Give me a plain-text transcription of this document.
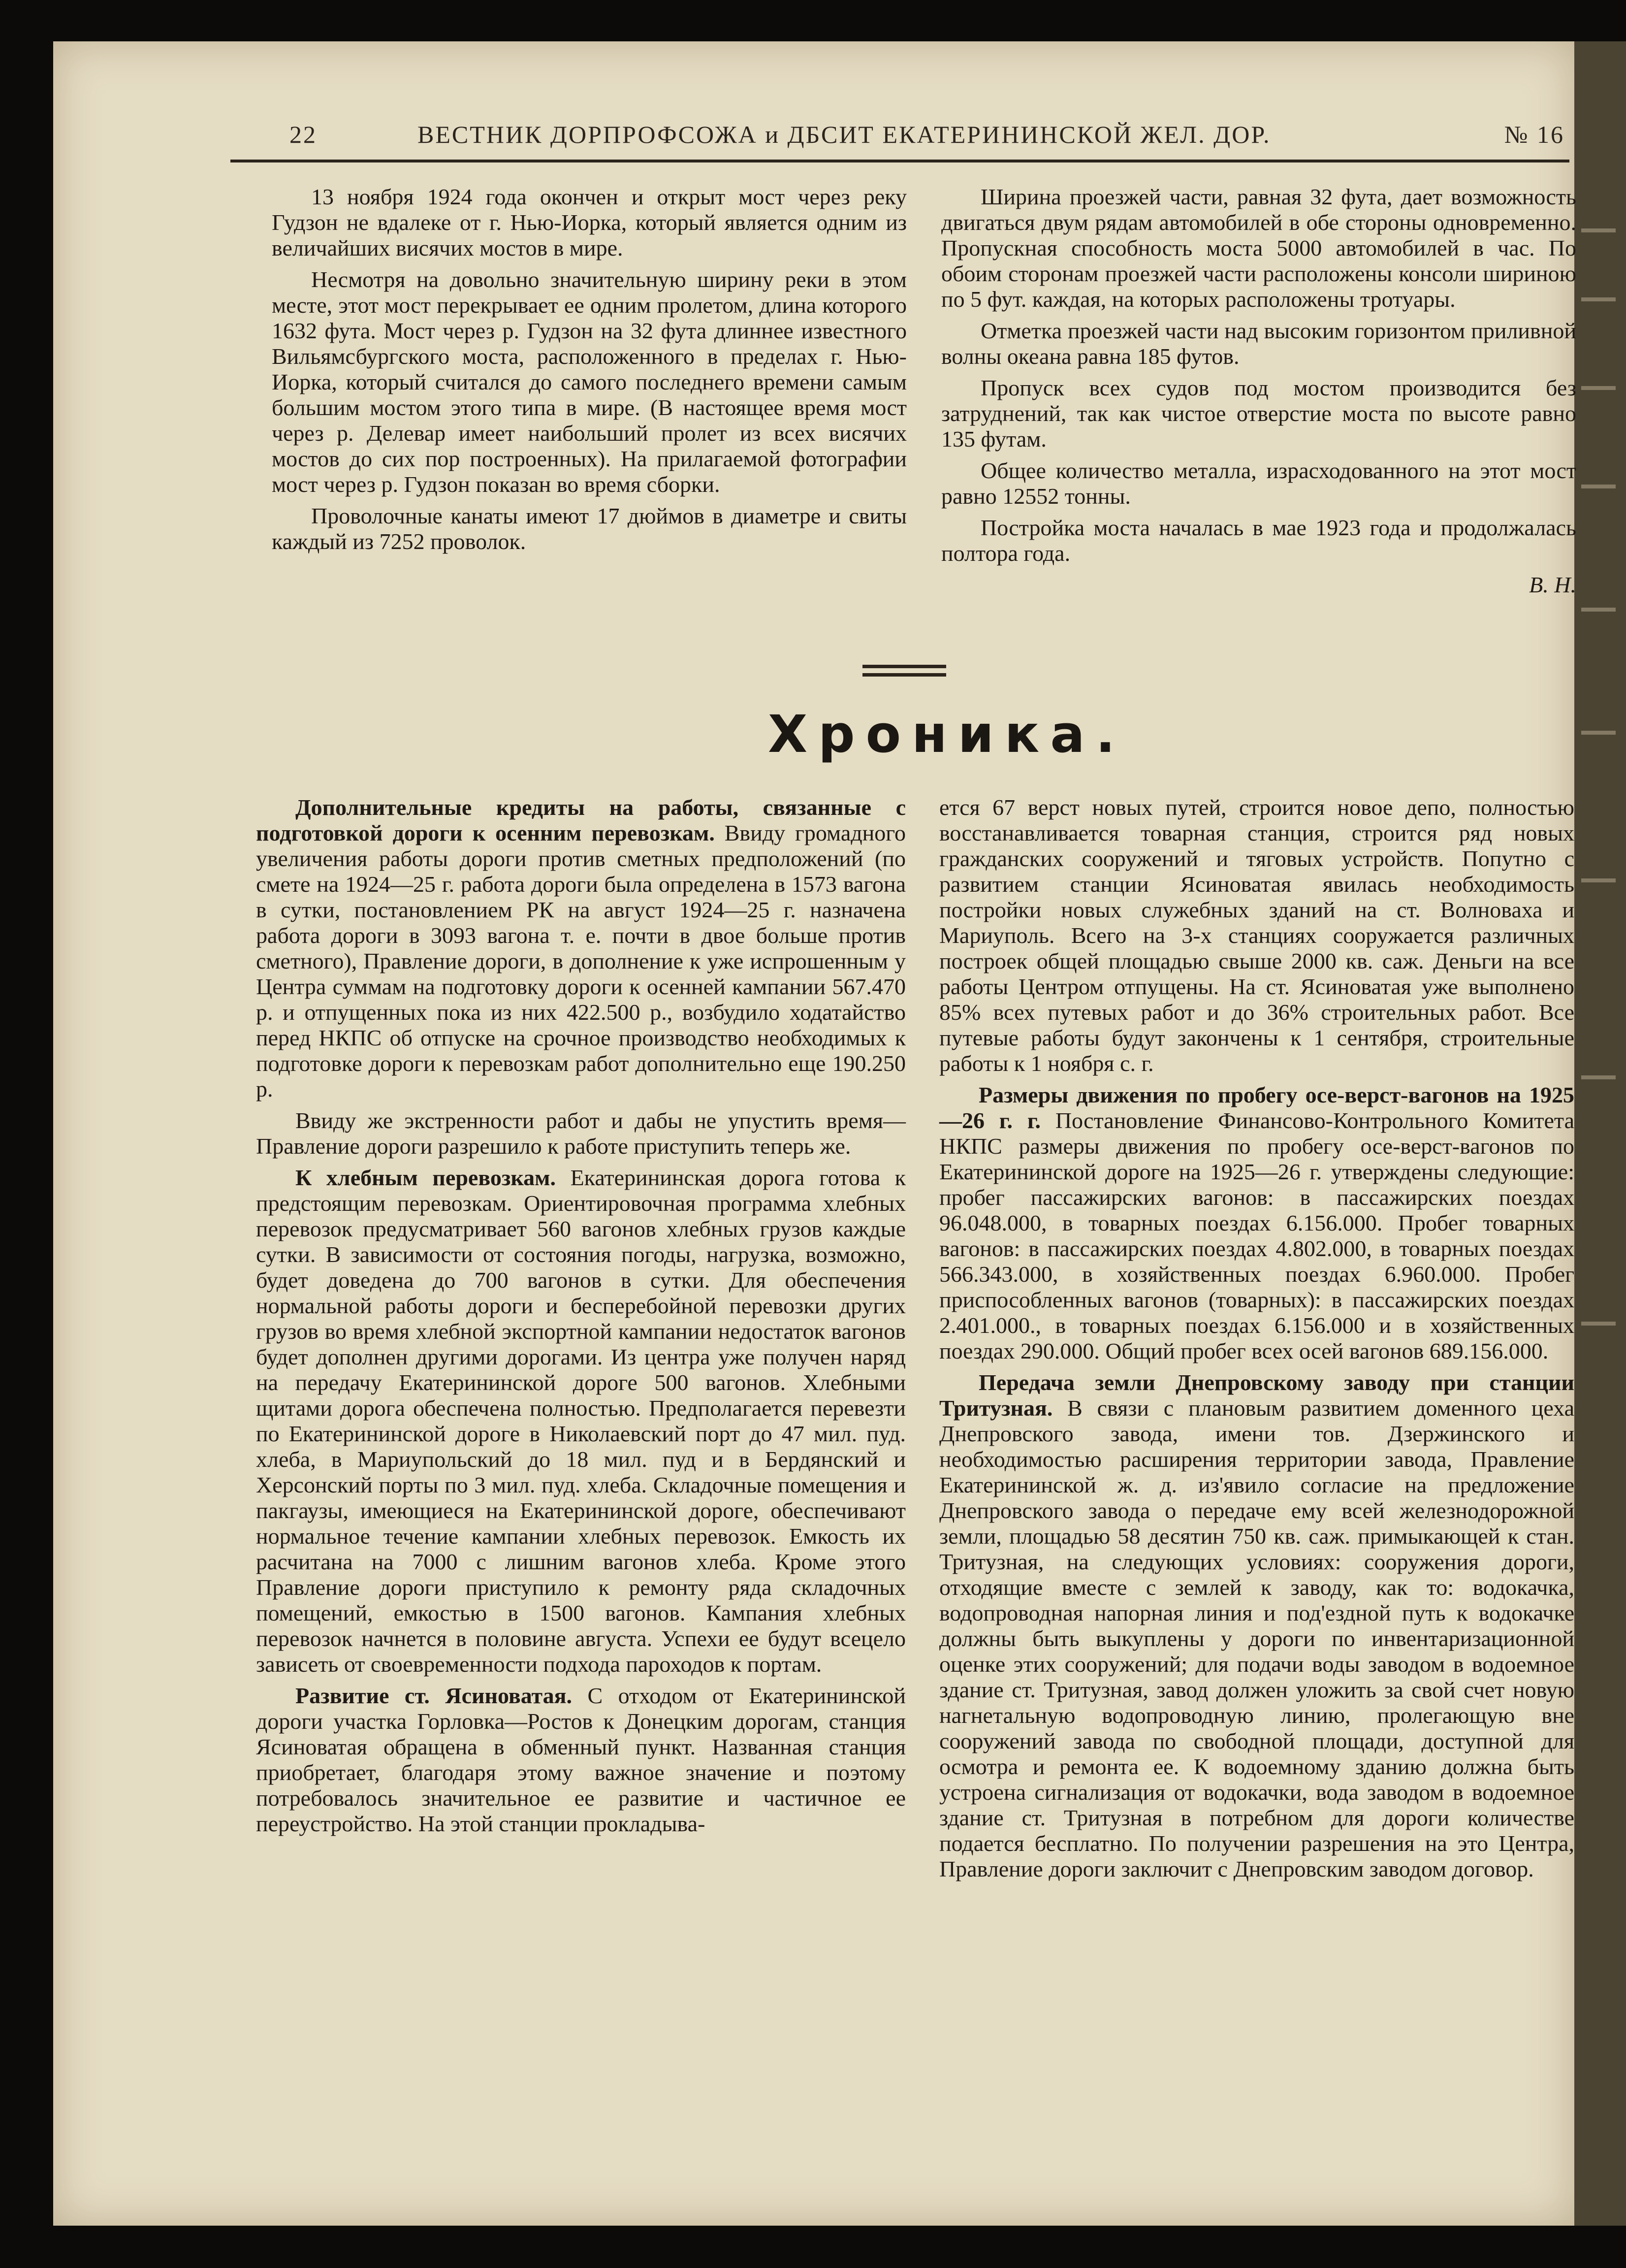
22	ВЕСТНИК ДОРПРОФСОЖА и ДБСИТ ЕКАТЕРИНИНСКОЙ ЖЕЛ. ДОР.	№ 16

13 ноября 1924 года окончен и открыт мост через реку Гудзон не вдалеке от г. Нью-Иорка, который является одним из величайших висячих мостов в мире.

Несмотря на довольно значительную ширину реки в этом месте, этот мост перекрывает ее одним пролетом, длина которого 1632 фута. Мост через р. Гудзон на 32 фута длиннее известного Вильямсбургского моста, расположенного в пределах г. Нью-Иорка, который считался до самого последнего времени самым большим мостом этого типа в мире. (В настоящее время мост через р. Делевар имеет наибольший пролет из всех висячих мостов до сих пор построенных). На прилагаемой фотографии мост через р. Гудзон показан во время сборки.

Проволочные канаты имеют 17 дюймов в диаметре и свиты каждый из 7252 проволок.

Ширина проезжей части, равная 32 фута, дает возможность двигаться двум рядам автомобилей в обе стороны одновременно. Пропускная способность моста 5000 автомобилей в час. По обоим сторонам проезжей части расположены консоли шириною по 5 фут. каждая, на которых расположены тротуары.

Отметка проезжей части над высоким горизонтом приливной волны океана равна 185 футов.

Пропуск всех судов под мостом производится без затруднений, так как чистое отверстие моста по высоте равно 135 футам.

Общее количество металла, израсходованного на этот мост равно 12552 тонны.

Постройка моста началась в мае 1923 года и продолжалась полтора года.

В. Н.

Хроника.

Дополнительные кредиты на работы, связанные с подготовкой дороги к осенним перевозкам. Ввиду громадного увеличения работы дороги против сметных предположений (по смете на 1924—25 г. работа дороги была определена в 1573 вагона в сутки, постановлением РК на август 1924—25 г. назначена работа дороги в 3093 вагона т. е. почти в двое больше против сметного), Правление дороги, в дополнение к уже испрошенным у Центра суммам на подготовку дороги к осенней кампании 567.470 р. и отпущенных пока из них 422.500 р., возбудило ходатайство перед НКПС об отпуске на срочное производство необходимых к подготовке дороги к перевозкам работ дополнительно еще 190.250 р.

Ввиду же экстренности работ и дабы не упустить время—Правление дороги разрешило к работе приступить теперь же.

К хлебным перевозкам. Екатерининская дорога готова к предстоящим перевозкам. Ориентировочная программа хлебных перевозок предусматривает 560 вагонов хлебных грузов каждые сутки. В зависимости от состояния погоды, нагрузка, возможно, будет доведена до 700 вагонов в сутки. Для обеспечения нормальной работы дороги и бесперебойной перевозки других грузов во время хлебной экспортной кампании недостаток вагонов будет дополнен другими дорогами. Из центра уже получен наряд на передачу Екатерининской дороге 500 вагонов. Хлебными щитами дорога обеспечена полностью. Предполагается перевезти по Екатерининской дороге в Николаевский порт до 47 мил. пуд. хлеба, в Мариупольский до 18 мил. пуд и в Бердянский и Херсонский порты по 3 мил. пуд. хлеба. Складочные помещения и пакгаузы, имеющиеся на Екатерининской дороге, обеспечивают нормальное течение кампании хлебных перевозок. Емкость их расчитана на 7000 с лишним вагонов хлеба. Кроме этого Правление дороги приступило к ремонту ряда складочных помещений, емкостью в 1500 вагонов. Кампания хлебных перевозок начнется в половине августа. Успехи ее будут всецело зависеть от своевременности подхода пароходов к портам.

Развитие ст. Ясиноватая. С отходом от Екатерининской дороги участка Горловка—Ростов к Донецким дорогам, станция Ясиноватая обращена в обменный пункт. Названная станция приобретает, благодаря этому важное значение и поэтому потребовалось значительное ее развитие и частичное ее переустройство. На этой станции прокладыва-

ется 67 верст новых путей, строится новое депо, полностью восстанавливается товарная станция, строится ряд новых гражданских сооружений и тяговых устройств. Попутно с развитием станции Ясиноватая явилась необходимость постройки новых служебных зданий на ст. Волноваха и Мариуполь. Всего на 3-х станциях сооружается различных построек общей площадью свыше 2000 кв. саж. Деньги на все работы Центром отпущены. На ст. Ясиноватая уже выполнено 85% всех путевых работ и до 36% строительных работ. Все путевые работы будут закончены к 1 сентября, строительные работы к 1 ноября с. г.

Размеры движения по пробегу осе-верст-вагонов на 1925—26 г. г. Постановление Финансово-Контрольного Комитета НКПС размеры движения по пробегу осе-верст-вагонов по Екатерининской дороге на 1925—26 г. утверждены следующие: пробег пассажирских вагонов: в пассажирских поездах 96.048.000, в товарных поездах 6.156.000. Пробег товарных вагонов: в пассажирских поездах 4.802.000, в товарных поездах 566.343.000, в хозяйственных поездах 6.960.000. Пробег приспособленных вагонов (товарных): в пассажирских поездах 2.401.000., в товарных поездах 6.156.000 и в хозяйственных поездах 290.000. Общий пробег всех осей вагонов 689.156.000.

Передача земли Днепровскому заводу при станции Тритузная. В связи с плановым развитием доменного цеха Днепровского завода, имени тов. Дзержинского и необходимостью расширения территории завода, Правление Екатерининской ж. д. из'явило согласие на предложение Днепровского завода о передаче ему всей железнодорожной земли, площадью 58 десятин 750 кв. саж. примыкающей к стан. Тритузная, на следующих условиях: сооружения дороги, отходящие вместе с землей к заводу, как то: водокачка, водопроводная напорная линия и под'ездной путь к водокачке должны быть выкуплены у дороги по инвентаризационной оценке этих сооружений; для подачи воды заводом в водоемное здание ст. Тритузная, завод должен уложить за свой счет новую нагнетальную водопроводную линию, пролегающую вне сооружений завода по свободной площади, доступной для осмотра и ремонта ее. К водоемному зданию должна быть устроена сигнализация от водокачки, вода заводом в водоемное здание ст. Тритузная в потребном для дороги количестве подается бесплатно. По получении разрешения на это Центра, Правление дороги заключит с Днепровским заводом договор.
